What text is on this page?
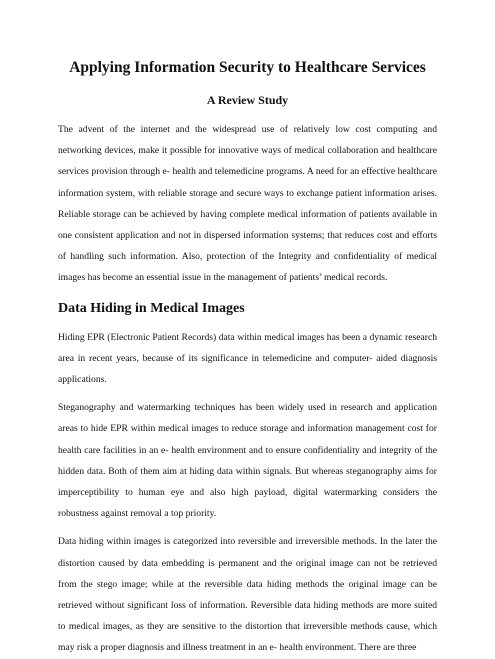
Applying Information Security to Healthcare Services
A Review Study

The advent of the internet and the widespread use of relatively low cost computing and networking devices, make it possible for innovative ways of medical collaboration and healthcare services provision through e- health and telemedicine programs. A need for an effective healthcare information system, with reliable storage and secure ways to exchange patient information arises. Reliable storage can be achieved by having complete medical information of patients available in one consistent application and not in dispersed information systems; that reduces cost and efforts of handling such information. Also, protection of the Integrity and confidentiality of medical images has become an essential issue in the management of patients’ medical records.

Data Hiding in Medical Images

Hiding EPR (Electronic Patient Records) data within medical images has been a dynamic research area in recent years, because of its significance in telemedicine and computer- aided diagnosis applications.

Steganography and watermarking techniques has been widely used in research and application areas to hide EPR within medical images to reduce storage and information management cost for health care facilities in an e- health environment and to ensure confidentiality and integrity of the hidden data. Both of them aim at hiding data within signals. But whereas steganography aims for imperceptibility to human eye and also high payload, digital watermarking considers the robustness against removal a top priority.

Data hiding within images is categorized into reversible and irreversible methods. In the later the distortion caused by data embedding is permanent and the original image can not be retrieved from the stego image; while at the reversible data hiding methods the original image can be retrieved without significant loss of information. Reversible data hiding methods are more suited to medical images, as they are sensitive to the distortion that irreversible methods cause, which may risk a proper diagnosis and illness treatment in an e- health environment. There are three
